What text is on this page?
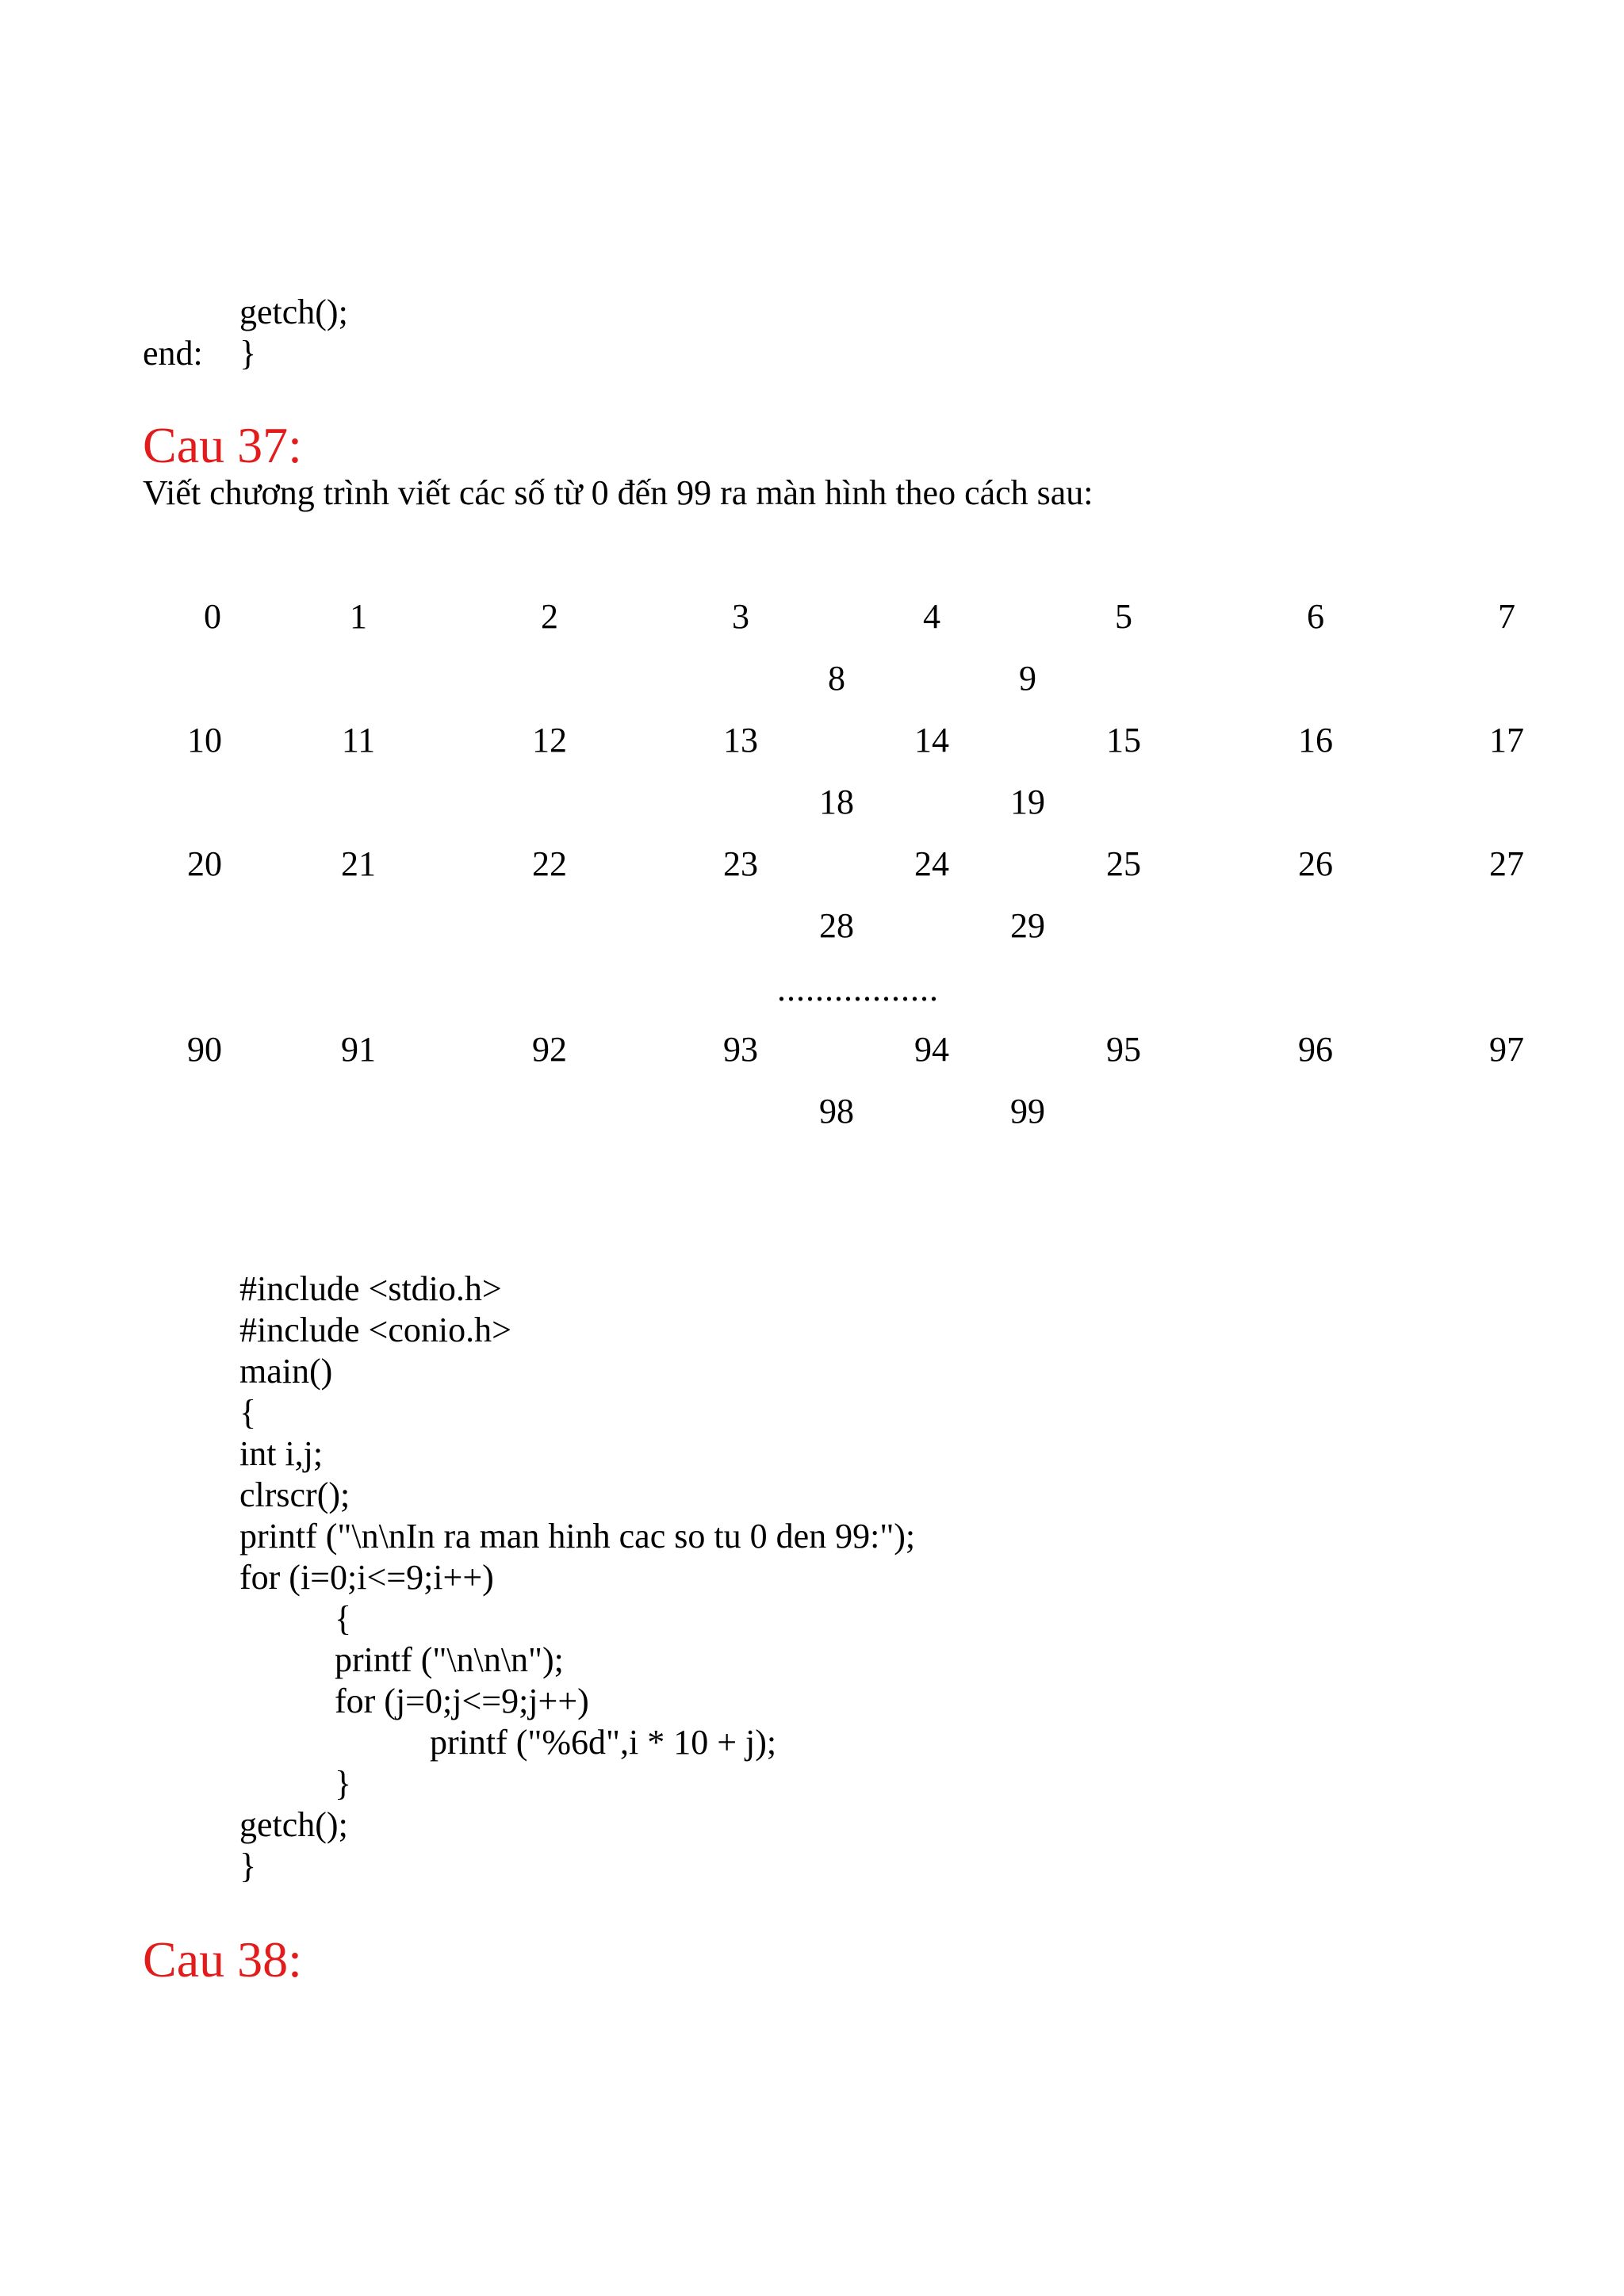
getch();
end: }
Cau 37:
Viết chương trình viết các số từ 0 đến 99 ra màn hình theo cách sau:
0	1	2	3	4	5	6	7
8	9
10	11	12	13	14	15	16	17
18	19
20	21	22	23	24	25	26	27
28	29
.................
90	91	92	93	94	95	96	97
98	99
#include <stdio.h>
#include <conio.h>
main()
{
int i,j;
clrscr();
printf ("\n\nIn ra man hinh cac so tu 0 den 99:");
for (i=0;i<=9;i++)
{
printf ("\n\n\n");
for (j=0;j<=9;j++)
printf ("%6d",i * 10 + j);
}
getch();
}
Cau 38:
